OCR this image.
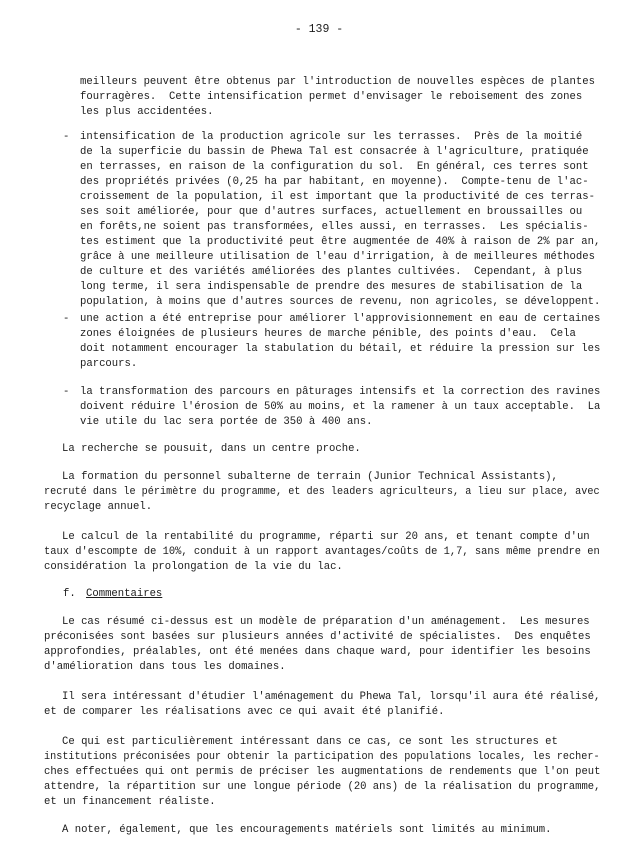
- 139 -
meilleurs peuvent être obtenus par l'introduction de nouvelles espèces de plantes
fourragères.  Cette intensification permet d'envisager le reboisement des zones
les plus accidentées.
- intensification de la production agricole sur les terrasses.  Près de la moitié
de la superficie du bassin de Phewa Tal est consacrée à l'agriculture, pratiquée
en terrasses, en raison de la configuration du sol.  En général, ces terres sont
des propriétés privées (0,25 ha par habitant, en moyenne).  Compte-tenu de l'ac-
croissement de la population, il est important que la productivité de ces terras-
ses soit améliorée, pour que d'autres surfaces, actuellement en broussailles ou
en forêts,ne soient pas transformées, elles aussi, en terrasses.  Les spécialis-
tes estiment que la productivité peut être augmentée de 40% à raison de 2% par an,
grâce à une meilleure utilisation de l'eau d'irrigation, à de meilleures méthodes
de culture et des variétés améliorées des plantes cultivées.  Cependant, à plus
long terme, il sera indispensable de prendre des mesures de stabilisation de la
population, à moins que d'autres sources de revenu, non agricoles, se développent.
- une action a été entreprise pour améliorer l'approvisionnement en eau de certaines
zones éloignées de plusieurs heures de marche pénible, des points d'eau.  Cela
doit notamment encourager la stabulation du bétail, et réduire la pression sur les
parcours.
- la transformation des parcours en pâturages intensifs et la correction des ravines
doivent réduire l'érosion de 50% au moins, et la ramener à un taux acceptable.  La
vie utile du lac sera portée de 350 à 400 ans.
La recherche se pousuit, dans un centre proche.
La formation du personnel subalterne de terrain (Junior Technical Assistants),
recruté dans le périmètre du programme, et des leaders agriculteurs, a lieu sur place, avec
recyclage annuel.
Le calcul de la rentabilité du programme, réparti sur 20 ans, et tenant compte d'un
taux d'escompte de 10%, conduit à un rapport avantages/coûts de 1,7, sans même prendre en
considération la prolongation de la vie du lac.
f. Commentaires
Le cas résumé ci-dessus est un modèle de préparation d'un aménagement.  Les mesures
préconisées sont basées sur plusieurs années d'activité de spécialistes.  Des enquêtes
approfondies, préalables, ont été menées dans chaque ward, pour identifier les besoins
d'amélioration dans tous les domaines.
Il sera intéressant d'étudier l'aménagement du Phewa Tal, lorsqu'il aura été réalisé,
et de comparer les réalisations avec ce qui avait été planifié.
Ce qui est particulièrement intéressant dans ce cas, ce sont les structures et
institutions préconisées pour obtenir la participation des populations locales, les recher-
ches effectuées qui ont permis de préciser les augmentations de rendements que l'on peut
attendre, la répartition sur une longue période (20 ans) de la réalisation du programme,
et un financement réaliste.
A noter, également, que les encouragements matériels sont limités au minimum.
